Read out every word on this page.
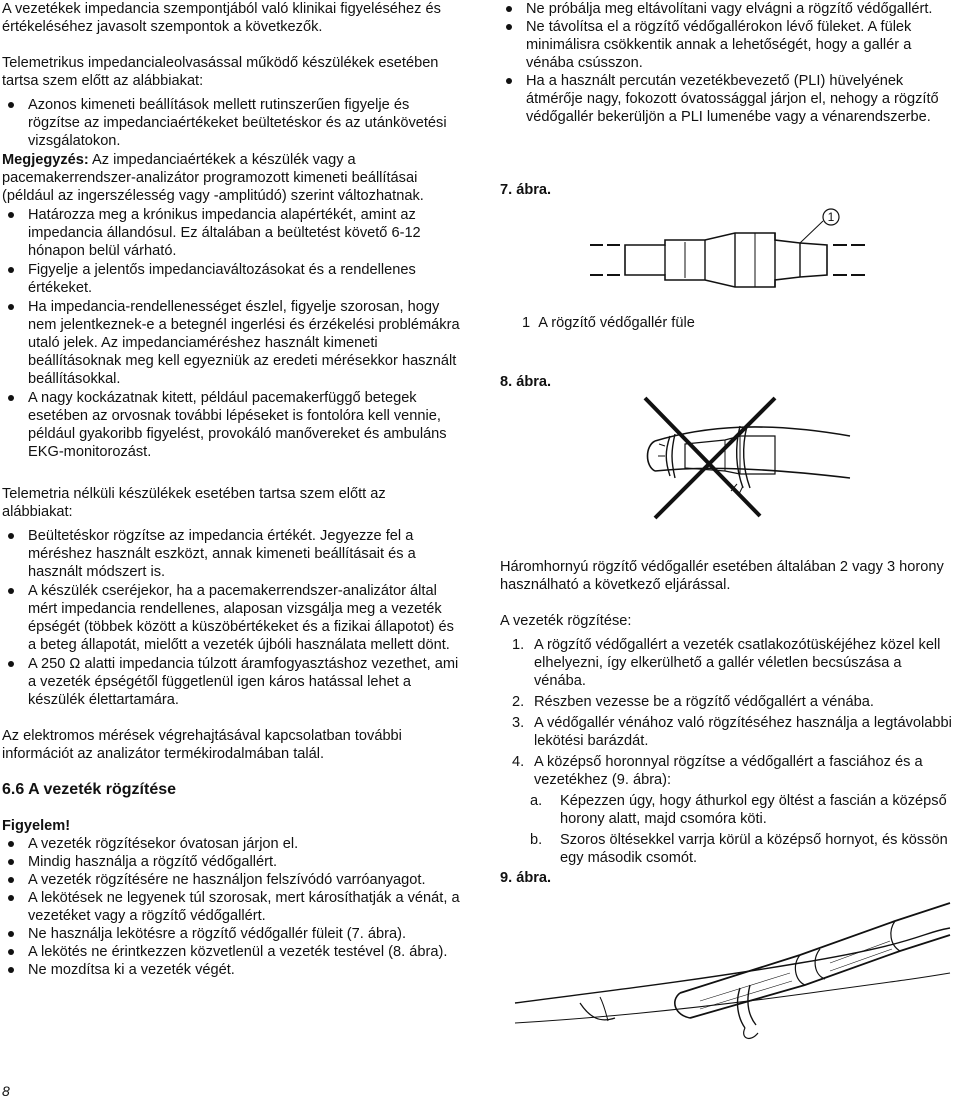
A vezetékek impedancia szempontjából való klinikai figyeléséhez és értékeléséhez javasolt szempontok a következők.

Telemetrikus impedancialeolvasással működő készülékek esetében tartsa szem előtt az alábbiakat:

Azonos kimeneti beállítások mellett rutinszerűen figyelje és rögzítse az impedanciaértékeket beültetéskor és az utánkövetési vizsgálatokon.
Megjegyzés: Az impedanciaértékek a készülék vagy a pacemakerrendszer-analizátor programozott kimeneti beállításai (például az ingerszélesség vagy -amplitúdó) szerint változhatnak.
Határozza meg a krónikus impedancia alapértékét, amint az impedancia állandósul. Ez általában a beültetést követő 6-12 hónapon belül várható.
Figyelje a jelentős impedanciaváltozásokat és a rendellenes értékeket.
Ha impedancia-rendellenességet észlel, figyelje szorosan, hogy nem jelentkeznek-e a betegnél ingerlési és érzékelési problémákra utaló jelek. Az impedanciaméréshez használt kimeneti beállításoknak meg kell egyezniük az eredeti mérésekkor használt beállításokkal.
A nagy kockázatnak kitett, például pacemakerfüggő betegek esetében az orvosnak további lépéseket is fontolóra kell vennie, például gyakoribb figyelést, provokáló manővereket és ambuláns EKG-monitorozást.

Telemetria nélküli készülékek esetében tartsa szem előtt az alábbiakat:

Beültetéskor rögzítse az impedancia értékét. Jegyezze fel a méréshez használt eszközt, annak kimeneti beállításait és a használt módszert is.
A készülék cseréjekor, ha a pacemakerrendszer-analizátor által mért impedancia rendellenes, alaposan vizsgálja meg a vezeték épségét (többek között a küszöbértékeket és a fizikai állapotot) és a beteg állapotát, mielőtt a vezeték újbóli használata mellett dönt.
A 250 Ω alatti impedancia túlzott áramfogyasztáshoz vezethet, ami a vezeték épségétől függetlenül igen káros hatással lehet a készülék élettartamára.

Az elektromos mérések végrehajtásával kapcsolatban további információt az analizátor termékirodalmában talál.

6.6 A vezeték rögzítése

Figyelem!

A vezeték rögzítésekor óvatosan járjon el.
Mindig használja a rögzítő védőgallért.
A vezeték rögzítésére ne használjon felszívódó varróanyagot.
A lekötések ne legyenek túl szorosak, mert károsíthatják a vénát, a vezetéket vagy a rögzítő védőgallért.
Ne használja lekötésre a rögzítő védőgallér füleit (7. ábra).
A lekötés ne érintkezzen közvetlenül a vezeték testével (8. ábra).
Ne mozdítsa ki a vezeték végét.
Ne próbálja meg eltávolítani vagy elvágni a rögzítő védőgallért.
Ne távolítsa el a rögzítő védőgallérokon lévő füleket. A fülek minimálisra csökkentik annak a lehetőségét, hogy a gallér a vénába csússzon.
Ha a használt percután vezetékbevezető (PLI) hüvelyének átmérője nagy, fokozott óvatossággal járjon el, nehogy a rögzítő védőgallér bekerüljön a PLI lumenébe vagy a vénarendszerbe.

7. ábra.

1

1 A rögzítő védőgallér füle

8. ábra.

Háromhornyú rögzítő védőgallér esetében általában 2 vagy 3 horony használható a következő eljárással.

A vezeték rögzítése:

1. A rögzítő védőgallért a vezeték csatlakozótüskéjéhez közel kell elhelyezni, így elkerülhető a gallér véletlen becsúszása a vénába.
2. Részben vezesse be a rögzítő védőgallért a vénába.
3. A védőgallér vénához való rögzítéséhez használja a legtávolabbi lekötési barázdát.
4. A középső horonnyal rögzítse a védőgallért a fasciához és a vezetékhez (9. ábra):
a. Képezzen úgy, hogy áthurkol egy öltést a fascián a középső horony alatt, majd csomóra köti.
b. Szoros öltésekkel varrja körül a középső hornyot, és kössön egy második csomót.

9. ábra.

8
